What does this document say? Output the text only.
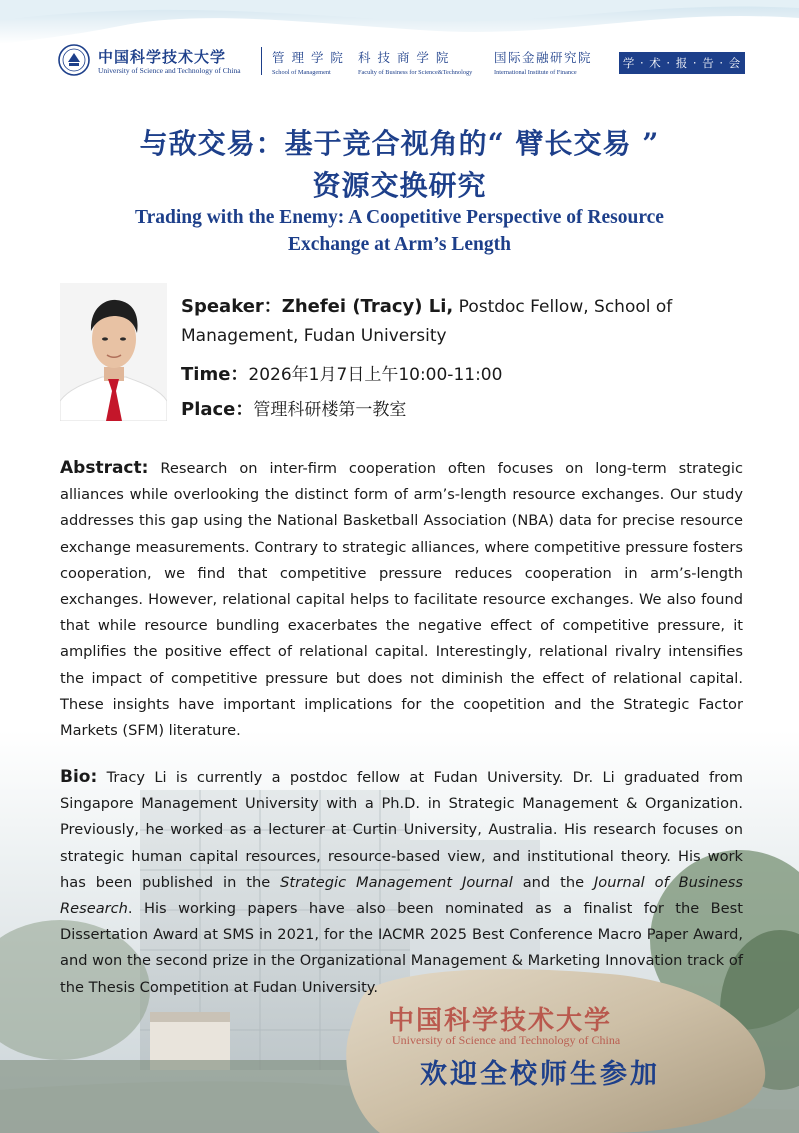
中国科学技术大学
University of Science and Technology of China
管 理 学 院
School of Management
科 技 商 学 院
Faculty of Business for Science&Technology
国际金融研究院
International Institute of Finance
学 · 术 · 报 · 告 · 会
与敌交易：基于竞合视角的“ 臂长交易 ”
资源交换研究
Trading with the Enemy: A Coopetitive Perspective of Resource
Exchange at Arm’s Length
Speaker：Zhefei (Tracy) Li, Postdoc Fellow, School of
Management, Fudan University
Time：2026年1月7日上午10:00-11:00
Place：管理科研楼第一教室
Abstract: Research on inter-firm cooperation often focuses on long-term strategic alliances while overlooking the distinct form of arm’s-length resource exchanges. Our study addresses this gap using the National Basketball Association (NBA) data for precise resource exchange measurements. Contrary to strategic alliances, where competitive pressure fosters cooperation, we find that competitive pressure reduces cooperation in arm’s-length exchanges. However, relational capital helps to facilitate resource exchanges. We also found that while resource bundling exacerbates the negative effect of competitive pressure, it amplifies the positive effect of relational capital. Interestingly, relational rivalry intensifies the impact of competitive pressure but does not diminish the effect of relational capital. These insights have important implications for the coopetition and the Strategic Factor Markets (SFM) literature.
Bio: Tracy Li is currently a postdoc fellow at Fudan University. Dr. Li graduated from Singapore Management University with a Ph.D. in Strategic Management & Organization. Previously, he worked as a lecturer at Curtin University, Australia. His research focuses on strategic human capital resources, resource-based view, and institutional theory. His work has been published in the Strategic Management Journal and the Journal of Business Research. His working papers have also been nominated as a finalist for the Best Dissertation Award at SMS in 2021, for the IACMR 2025 Best Conference Macro Paper Award, and won the second prize in the Organizational Management & Marketing Innovation track of the Thesis Competition at Fudan University.
中国科学技术大学
University of Science and Technology of China
欢迎全校师生参加
